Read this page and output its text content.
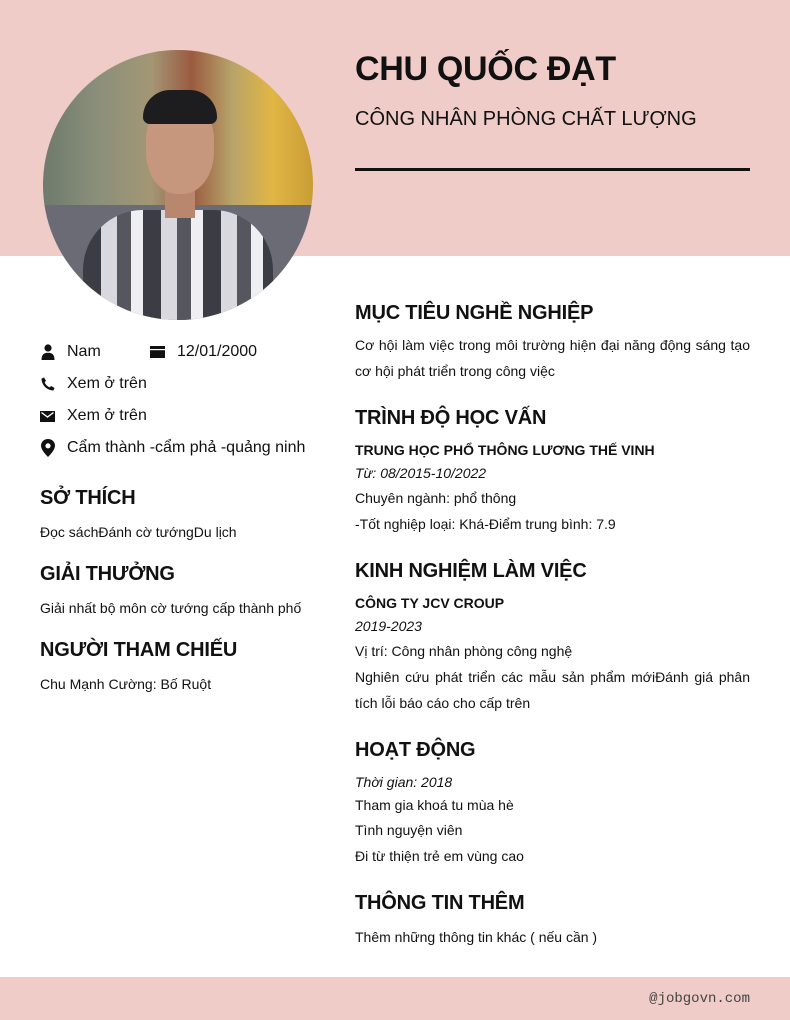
CHU QUỐC ĐẠT
CÔNG NHÂN PHÒNG CHẤT LƯỢNG
Nam	12/01/2000
Xem ở trên
Xem ở trên
Cẩm thành -cẩm phả -quảng ninh
SỞ THÍCH
Đọc sáchĐánh cờ tướngDu lịch
GIẢI THƯỞNG
Giải nhất bộ môn cờ tướng cấp thành phố
NGƯỜI THAM CHIẾU
Chu Mạnh Cường: Bố Ruột
MỤC TIÊU NGHỀ NGHIỆP
Cơ hội làm việc trong môi trường hiện đại năng động sáng tạo cơ hội phát triển trong công việc
TRÌNH ĐỘ HỌC VẤN
TRUNG HỌC PHỔ THÔNG LƯƠNG THẾ VINH
Từ: 08/2015-10/2022
Chuyên ngành: phổ thông
-Tốt nghiệp loại: Khá-Điểm trung bình: 7.9
KINH NGHIỆM LÀM VIỆC
CÔNG TY JCV CROUP
2019-2023
Vị trí: Công nhân phòng công nghệ
Nghiên cứu phát triển các mẫu sản phẩm mớiĐánh giá phân tích lỗi báo cáo cho cấp trên
HOẠT ĐỘNG
Thời gian: 2018
Tham gia khoá tu mùa hè
Tình nguyện viên
Đi từ thiện trẻ em vùng cao
THÔNG TIN THÊM
Thêm những thông tin khác ( nếu cần )
@jobgovn.com
